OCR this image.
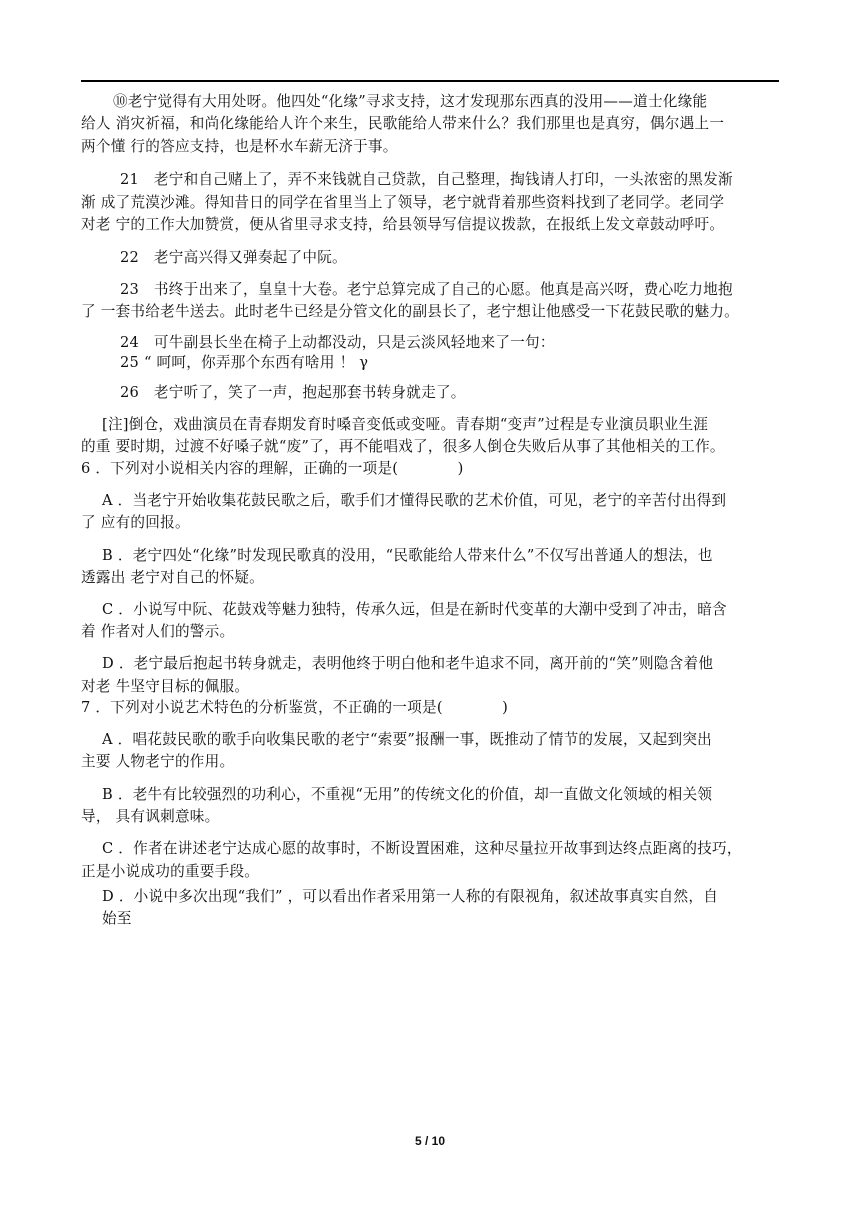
⑩老宁觉得有大用处呀。他四处“化缘”寻求支持，这才发现那东西真的没用——道士化缘能
给人 消灾祈福，和尚化缘能给人许个来生，民歌能给人带来什么？我们那里也是真穷，偶尔遇上一
两个懂 行的答应支持，也是杯水车薪无济于事。
21　老宁和自己赌上了，弄不来钱就自己贷款，自己整理，掏钱请人打印，一头浓密的黑发渐
渐 成了荒漠沙滩。得知昔日的同学在省里当上了领导，老宁就背着那些资料找到了老同学。老同学
对老 宁的工作大加赞赏，便从省里寻求支持，给县领导写信提议拨款，在报纸上发文章鼓动呼吁。
22　老宁高兴得又弹奏起了中阮。
23　书终于出来了，皇皇十大卷。老宁总算完成了自己的心愿。他真是高兴呀，费心吃力地抱
了 一套书给老牛送去。此时老牛已经是分管文化的副县长了，老宁想让他感受一下花鼓民歌的魅力。
24　可牛副县长坐在椅子上动都没动，只是云淡风轻地来了一句：
25 “ 呵呵，你弄那个东西有啥用 ！ γ
26　老宁听了，笑了一声，抱起那套书转身就走了。
[注]倒仓，戏曲演员在青春期发育时嗓音变低或变哑。青春期“变声”过程是专业演员职业生涯
的重 要时期，过渡不好嗓子就“废”了，再不能唱戏了，很多人倒仓失败后从事了其他相关的工作。
6 ．下列对小说相关内容的理解，正确的一项是(　　　　)
A ．当老宁开始收集花鼓民歌之后，歌手们才懂得民歌的艺术价值，可见，老宁的辛苦付出得到
了 应有的回报。
B ．老宁四处“化缘”时发现民歌真的没用，“民歌能给人带来什么”不仅写出普通人的想法，也
透露出 老宁对自己的怀疑。
C ．小说写中阮、花鼓戏等魅力独特，传承久远，但是在新时代变革的大潮中受到了冲击，暗含
着 作者对人们的警示。
D ．老宁最后抱起书转身就走，表明他终于明白他和老牛追求不同，离开前的“笑”则隐含着他
对老 牛坚守目标的佩服。
7 ．下列对小说艺术特色的分析鉴赏，不正确的一项是(　　　　)
A ．唱花鼓民歌的歌手向收集民歌的老宁“索要”报酬一事，既推动了情节的发展，又起到突出
主要 人物老宁的作用。
B ．老牛有比较强烈的功利心，不重视“无用”的传统文化的价值，却一直做文化领域的相关领
导， 具有讽刺意味。
C ．作者在讲述老宁达成心愿的故事时，不断设置困难，这种尽量拉开故事到达终点距离的技巧，
正是小说成功的重要手段。
D ．小说中多次出现“我们” ，可以看出作者采用第一人称的有限视角，叙述故事真实自然，自
始至
5 / 10
